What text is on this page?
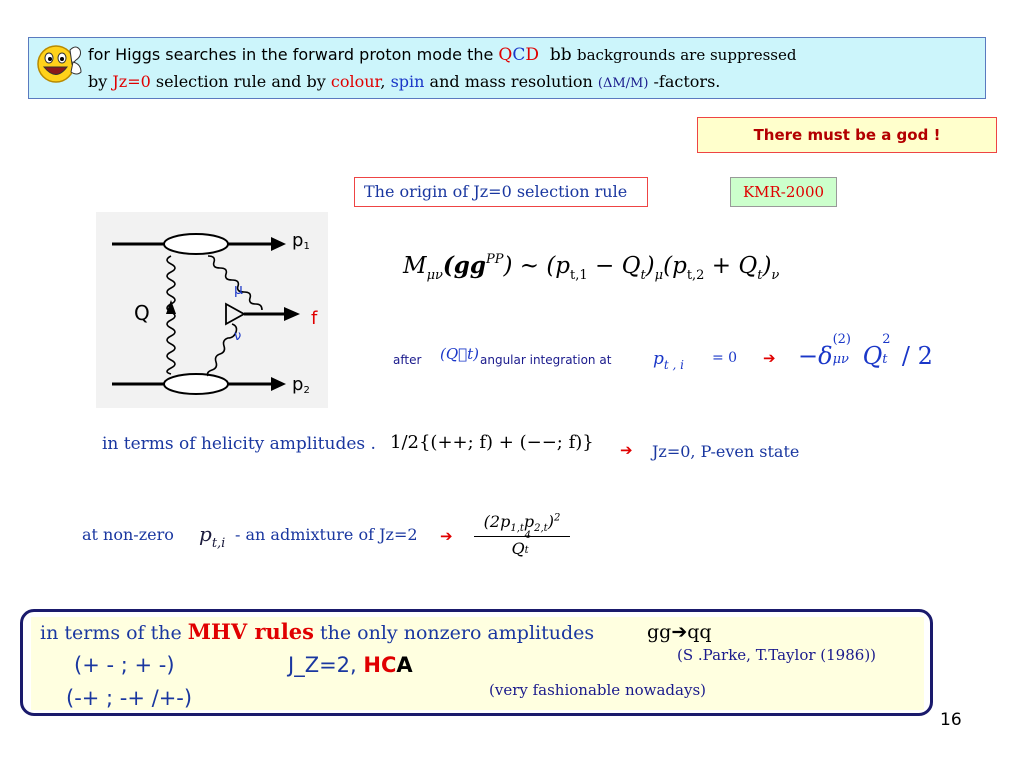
for Higgs searches in the forward proton mode the QCD bb backgrounds are suppressed
by Jz=0 selection rule and by colour, spin and mass resolution (ΔM/M) -factors.
There must be a god !
The origin of Jz=0 selection rule	KMR-2000
p1
p2
Q
μ
ν
f
$M_{\mu\nu}(gg^{PP})$ ~ $(p_{t,1} - Q_t)_\mu(p_{t,2} + Q_t)_\nu$
after (Q⃗t) angular integration at $p_{t , i} = 0$ ➔ −δ
(2)
μν Q
2
t / 2
in terms of helicity amplitudes . 1/2{(++; f) + (−−; f)} ➔ Jz=0, P-even state
at non-zero $p_{t,i}$ - an admixture of Jz=2 ➔ $(2p_{1,t}p_{2,t})^2$
Q
4
t

in terms of the MHV rules the only nonzero amplitudes	gg➔qq
(+ - ; + -)	J_Z=2, HCA	(S .Parke, T.Taylor (1986))
(-+ ; -+ /+-)	(very fashionable nowadays)
16
